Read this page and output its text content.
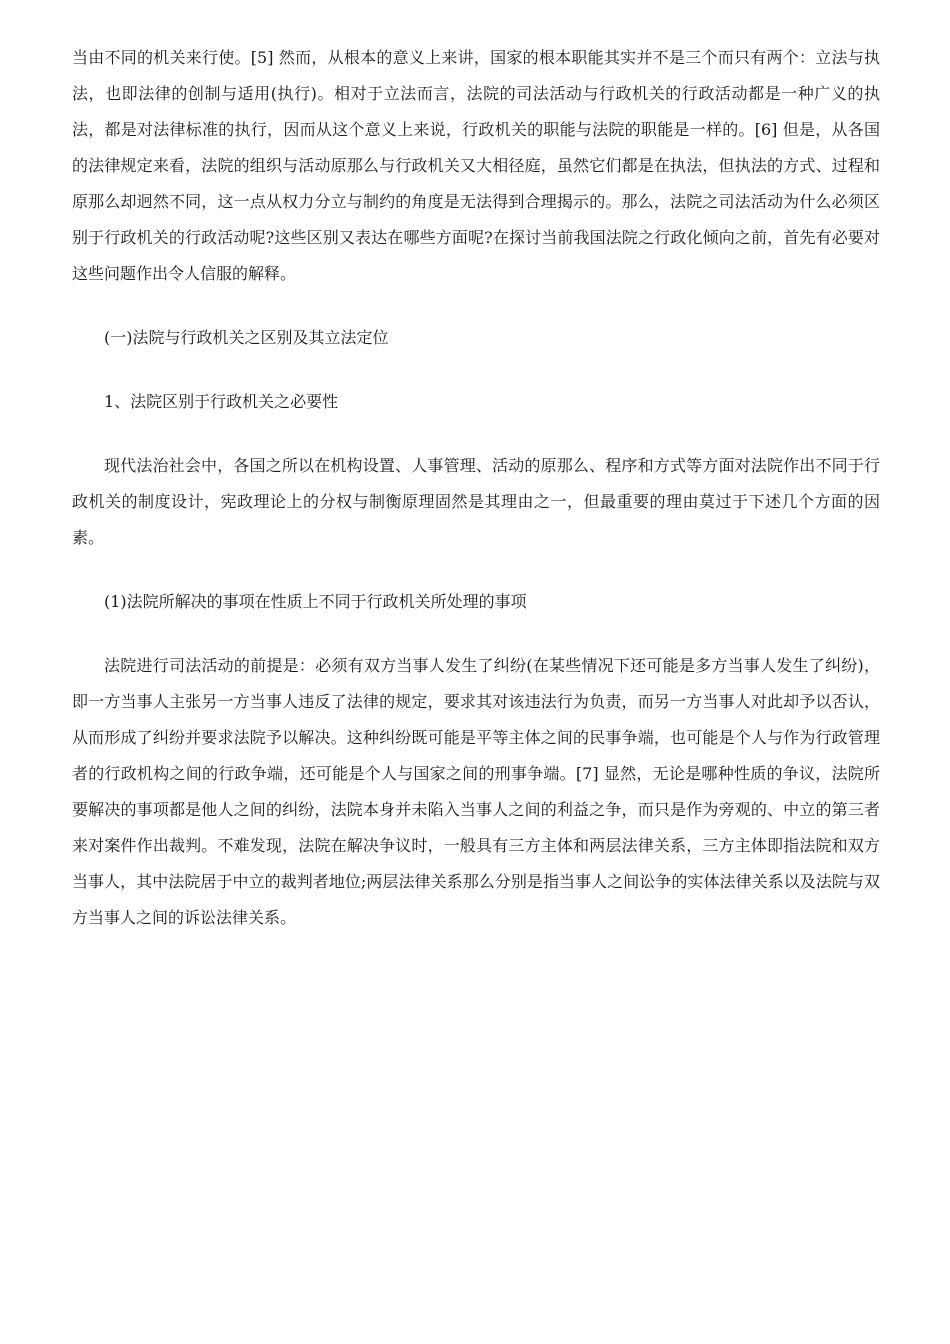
当由不同的机关来行使。[5] 然而，从根本的意义上来讲，国家的根本职能其实并不是三个而只有两个：立法与执法，也即法律的创制与适用(执行)。相对于立法而言，法院的司法活动与行政机关的行政活动都是一种广义的执法，都是对法律标准的执行，因而从这个意义上来说，行政机关的职能与法院的职能是一样的。[6] 但是，从各国的法律规定来看，法院的组织与活动原那么与行政机关又大相径庭，虽然它们都是在执法，但执法的方式、过程和原那么却迥然不同，这一点从权力分立与制约的角度是无法得到合理揭示的。那么，法院之司法活动为什么必须区别于行政机关的行政活动呢?这些区别又表达在哪些方面呢?在探讨当前我国法院之行政化倾向之前，首先有必要对这些问题作出令人信服的解释。

(一)法院与行政机关之区别及其立法定位

1、法院区别于行政机关之必要性

现代法治社会中，各国之所以在机构设置、人事管理、活动的原那么、程序和方式等方面对法院作出不同于行政机关的制度设计，宪政理论上的分权与制衡原理固然是其理由之一，但最重要的理由莫过于下述几个方面的因素。

(1)法院所解决的事项在性质上不同于行政机关所处理的事项

法院进行司法活动的前提是：必须有双方当事人发生了纠纷(在某些情况下还可能是多方当事人发生了纠纷)，即一方当事人主张另一方当事人违反了法律的规定，要求其对该违法行为负责，而另一方当事人对此却予以否认，从而形成了纠纷并要求法院予以解决。这种纠纷既可能是平等主体之间的民事争端，也可能是个人与作为行政管理者的行政机构之间的行政争端，还可能是个人与国家之间的刑事争端。[7] 显然，无论是哪种性质的争议，法院所要解决的事项都是他人之间的纠纷，法院本身并未陷入当事人之间的利益之争，而只是作为旁观的、中立的第三者来对案件作出裁判。不难发现，法院在解决争议时，一般具有三方主体和两层法律关系，三方主体即指法院和双方当事人，其中法院居于中立的裁判者地位;两层法律关系那么分别是指当事人之间讼争的实体法律关系以及法院与双方当事人之间的诉讼法律关系。
